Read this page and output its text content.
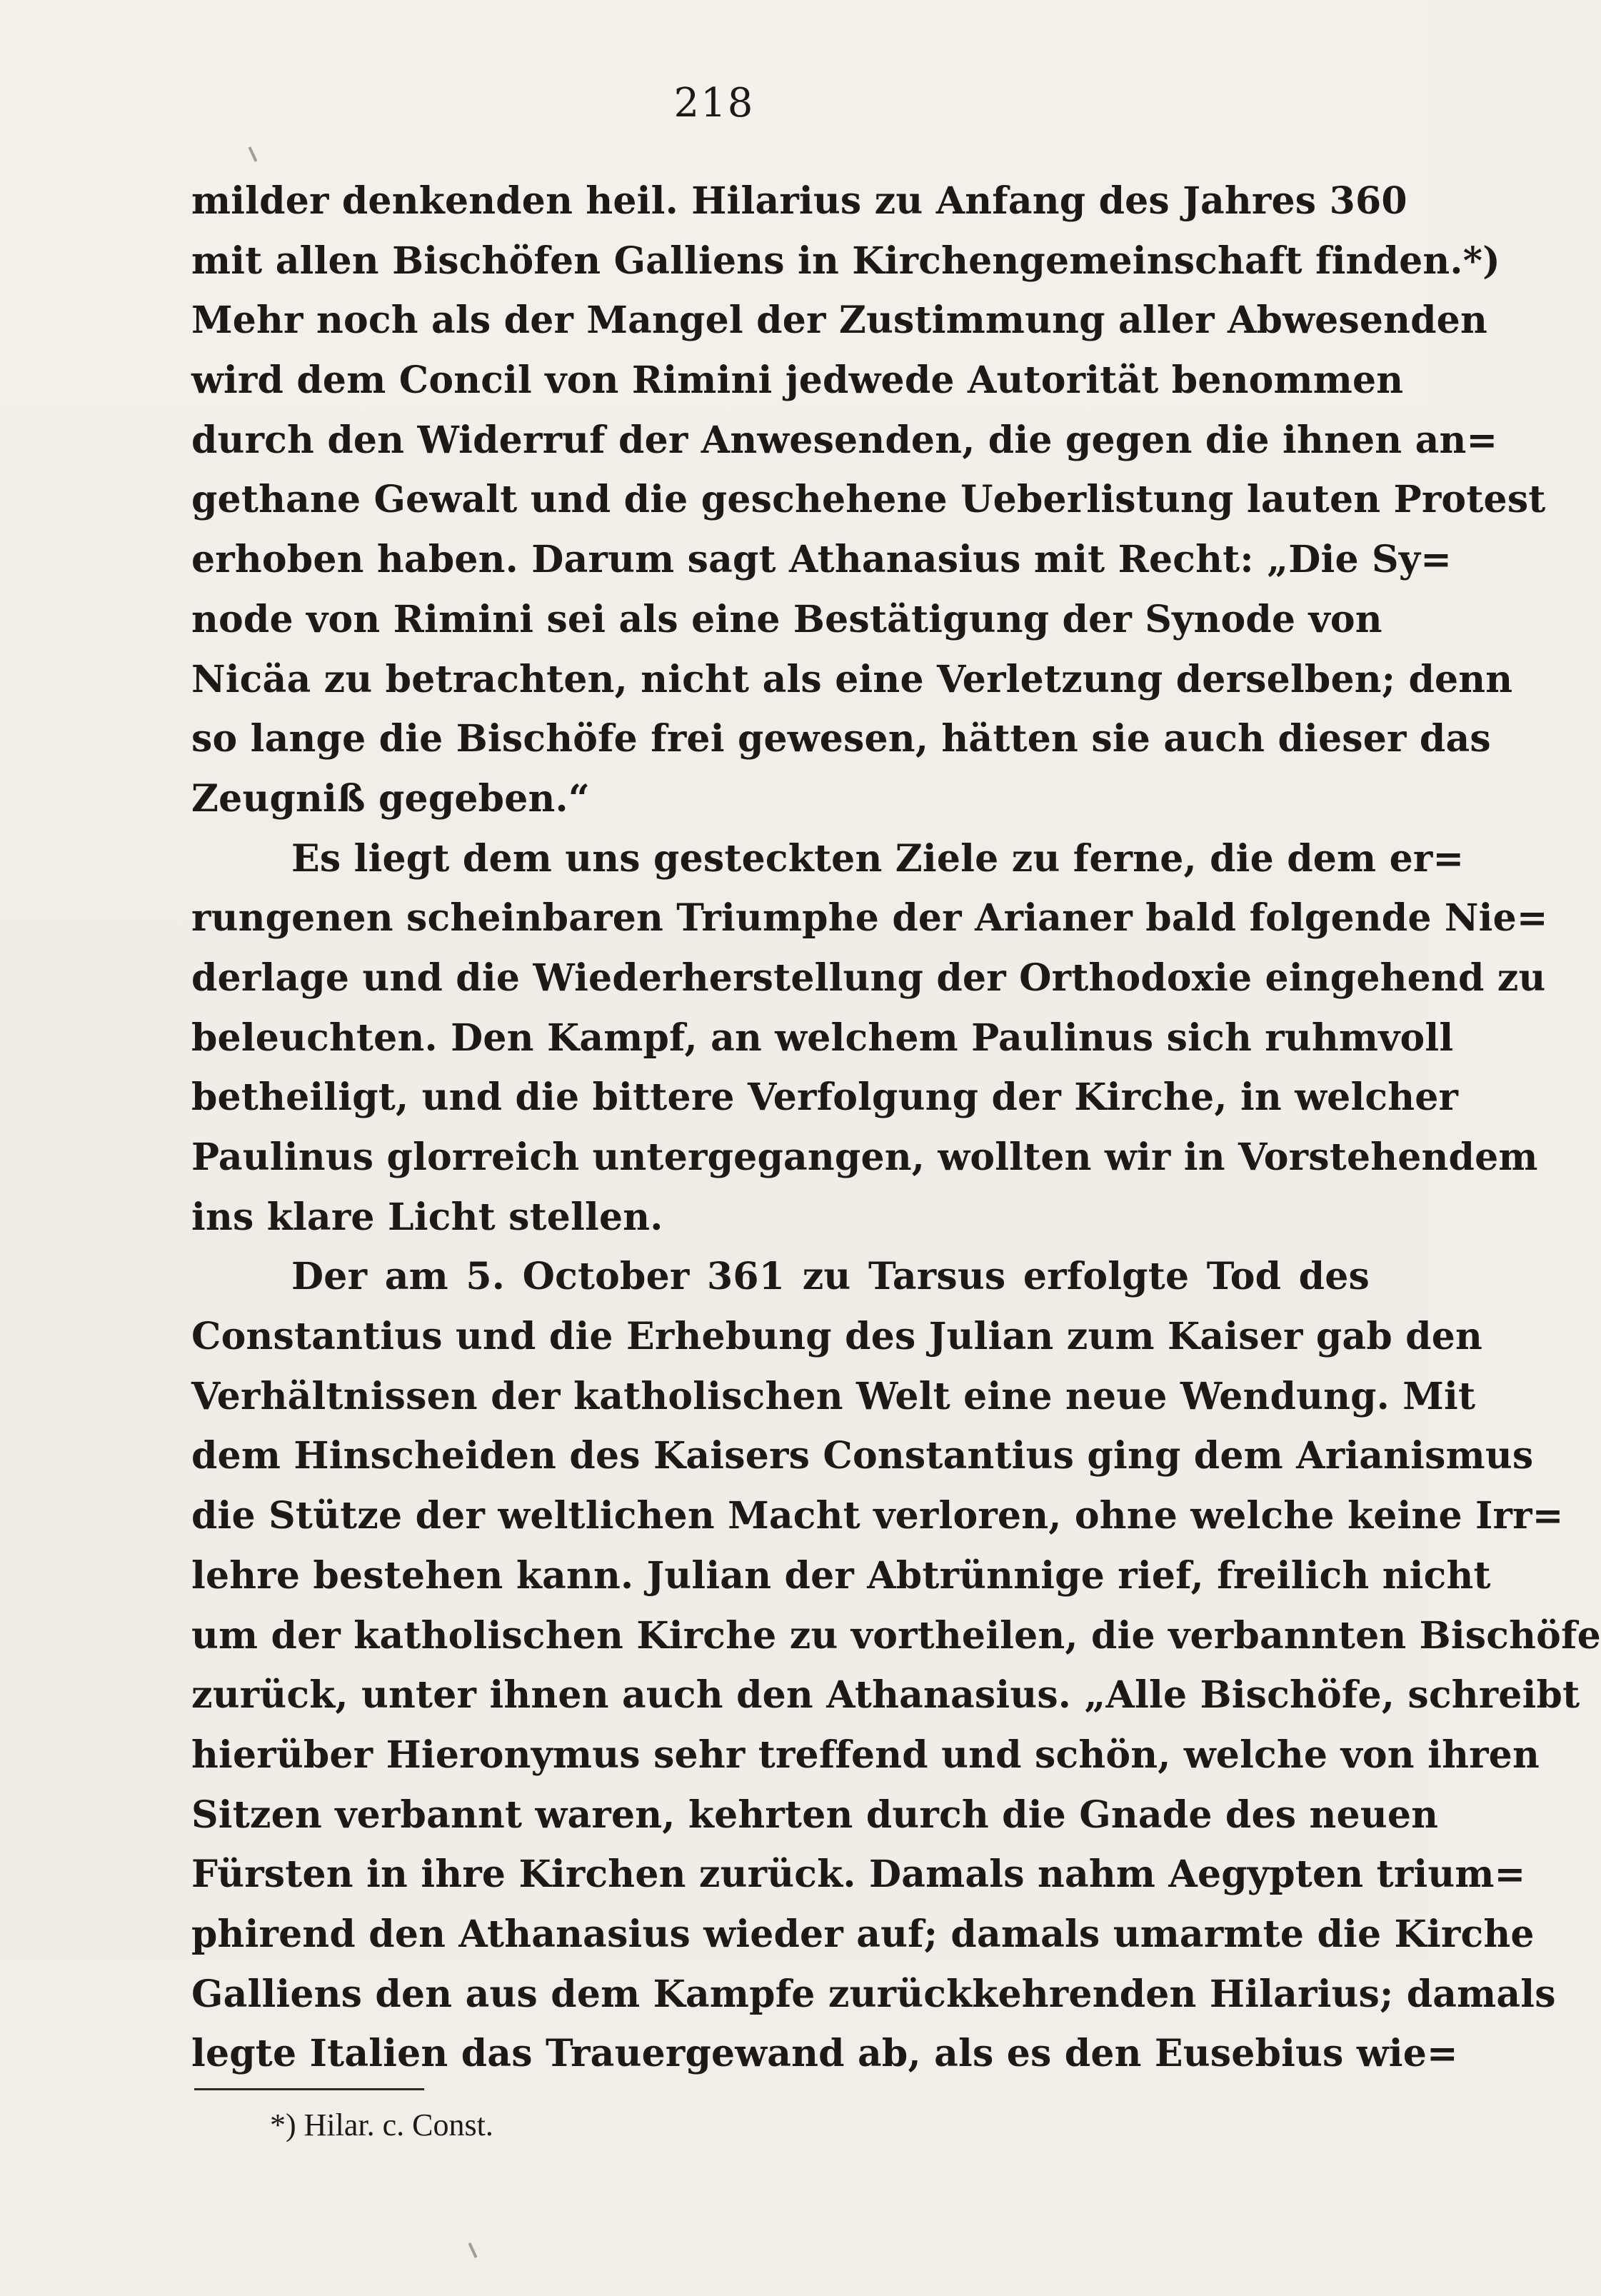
218
milder denkenden heil. Hilarius zu Anfang des Jahres 360
mit allen Bischöfen Galliens in Kirchengemeinschaft finden.*)
Mehr noch als der Mangel der Zustimmung aller Abwesenden
wird dem Concil von Rimini jedwede Autorität benommen
durch den Widerruf der Anwesenden, die gegen die ihnen an=
gethane Gewalt und die geschehene Ueberlistung lauten Protest
erhoben haben. Darum sagt Athanasius mit Recht: „Die Sy=
node von Rimini sei als eine Bestätigung der Synode von
Nicäa zu betrachten, nicht als eine Verletzung derselben; denn
so lange die Bischöfe frei gewesen, hätten sie auch dieser das
Zeugniß gegeben.“
Es liegt dem uns gesteckten Ziele zu ferne, die dem er=
rungenen scheinbaren Triumphe der Arianer bald folgende Nie=
derlage und die Wiederherstellung der Orthodoxie eingehend zu
beleuchten. Den Kampf, an welchem Paulinus sich ruhmvoll
betheiligt, und die bittere Verfolgung der Kirche, in welcher
Paulinus glorreich untergegangen, wollten wir in Vorstehendem
ins klare Licht stellen.
Der am 5. October 361 zu Tarsus erfolgte Tod des
Constantius und die Erhebung des Julian zum Kaiser gab den
Verhältnissen der katholischen Welt eine neue Wendung. Mit
dem Hinscheiden des Kaisers Constantius ging dem Arianismus
die Stütze der weltlichen Macht verloren, ohne welche keine Irr=
lehre bestehen kann. Julian der Abtrünnige rief, freilich nicht
um der katholischen Kirche zu vortheilen, die verbannten Bischöfe
zurück, unter ihnen auch den Athanasius. „Alle Bischöfe, schreibt
hierüber Hieronymus sehr treffend und schön, welche von ihren
Sitzen verbannt waren, kehrten durch die Gnade des neuen
Fürsten in ihre Kirchen zurück. Damals nahm Aegypten trium=
phirend den Athanasius wieder auf; damals umarmte die Kirche
Galliens den aus dem Kampfe zurückkehrenden Hilarius; damals
legte Italien das Trauergewand ab, als es den Eusebius wie=
*) Hilar. c. Const.
